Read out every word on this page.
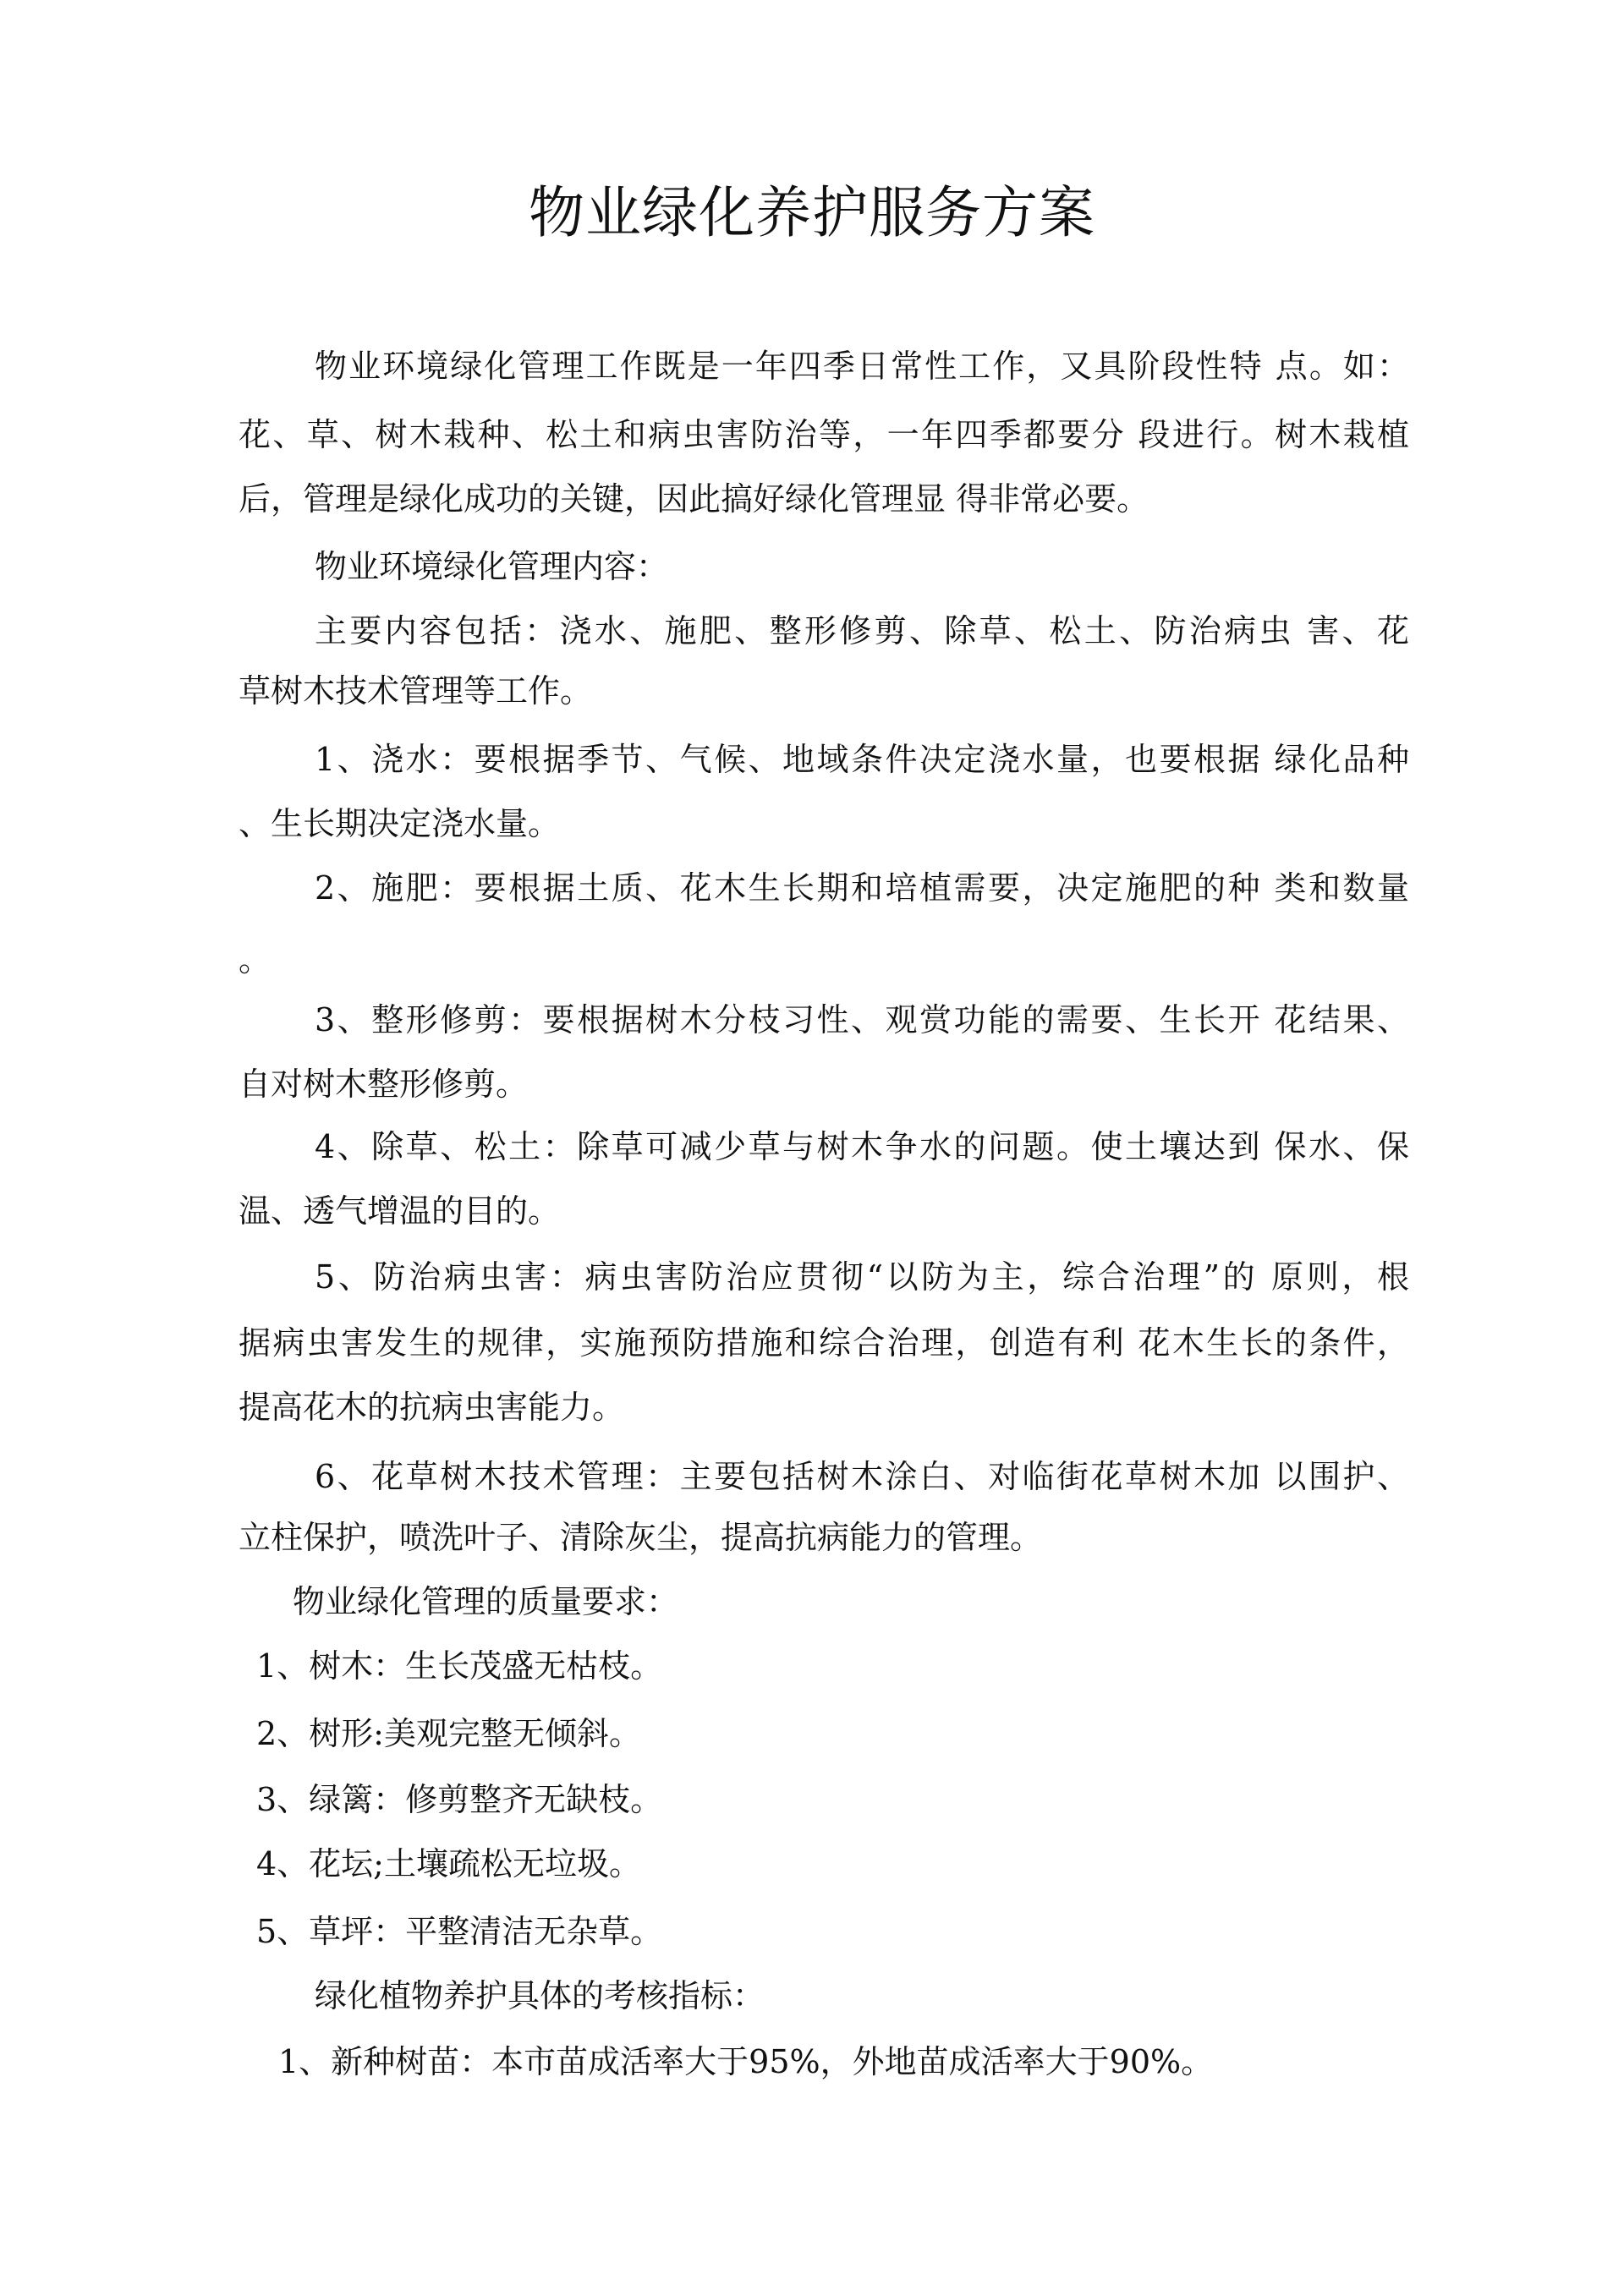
物业绿化养护服务方案
物业环境绿化管理工作既是一年四季日常性工作，又具阶段性特 点。如：
花、草、树木栽种、松土和病虫害防治等，一年四季都要分 段进行。树木栽植
后，管理是绿化成功的关键，因此搞好绿化管理显 得非常必要。
物业环境绿化管理内容：
主要内容包括：浇水、施肥、整形修剪、除草、松土、防治病虫 害、花
草树木技术管理等工作。
1、浇水：要根据季节、气候、地域条件决定浇水量，也要根据 绿化品种
、生长期决定浇水量。
2、施肥：要根据土质、花木生长期和培植需要，决定施肥的种 类和数量
。
3、整形修剪：要根据树木分枝习性、观赏功能的需要、生长开 花结果、
自对树木整形修剪。
4、除草、松土：除草可减少草与树木争水的问题。使土壤达到 保水、保
温、透气增温的目的。
5、防治病虫害：病虫害防治应贯彻“以防为主，综合治理”的 原则，根
据病虫害发生的规律，实施预防措施和综合治理，创造有利 花木生长的条件，
提高花木的抗病虫害能力。
6、花草树木技术管理：主要包括树木涂白、对临街花草树木加 以围护、
立柱保护，喷洗叶子、清除灰尘，提高抗病能力的管理。
物业绿化管理的质量要求：
1、树木：生长茂盛无枯枝。
2、树形:美观完整无倾斜。
3、绿篱：修剪整齐无缺枝。
4、花坛;土壤疏松无垃圾。
5、草坪：平整清洁无杂草。
绿化植物养护具体的考核指标：
1、新种树苗：本市苗成活率大于95%，外地苗成活率大于90%。
